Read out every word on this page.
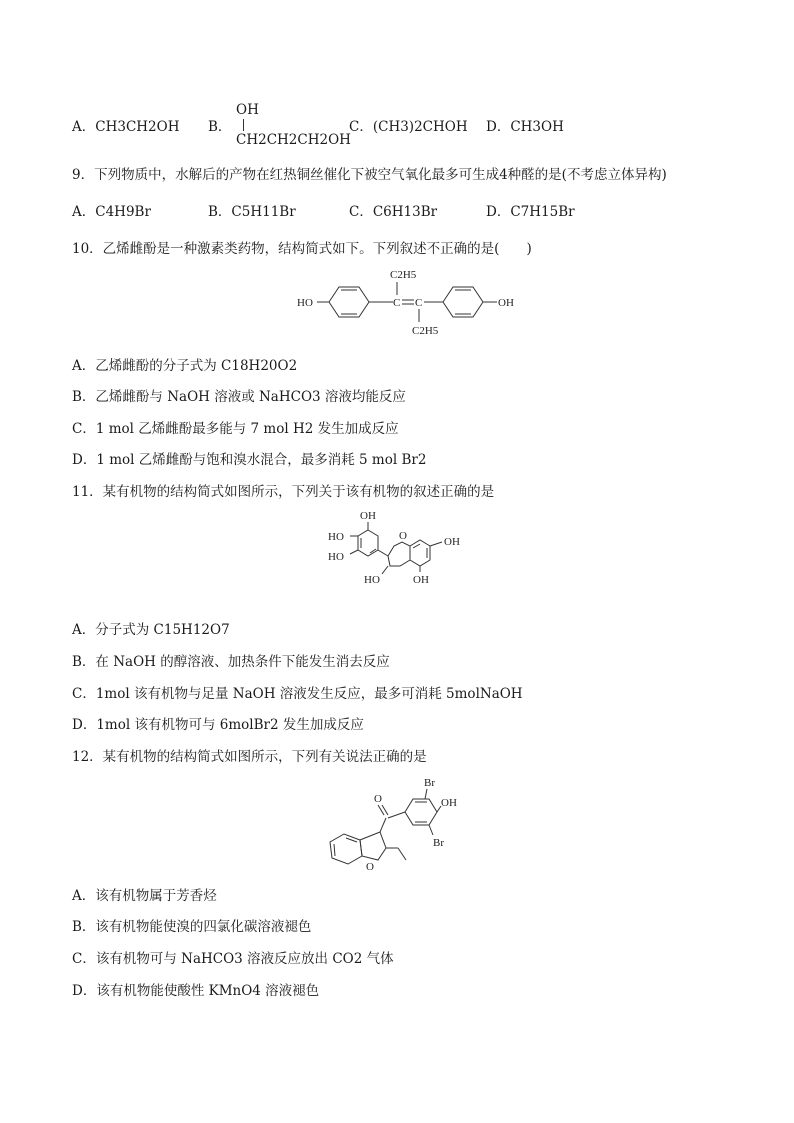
A．CH3CH2OH B．
OH
CH2CH2CH2OH
C．(CH3)2CHOH D．CH3OH
9．下列物质中，水解后的产物在红热铜丝催化下被空气氧化最多可生成4种醛的是(不考虑立体异构)
A．C4H9Br	B．C5H11Br	C．C6H13Br	D．C7H15Br
10．乙烯雌酚是一种激素类药物，结构简式如下。下列叙述不正确的是(　　)
HO	C C
C2H5
C2H5
OH
A．乙烯雌酚的分子式为 C18H20O2
B．乙烯雌酚与 NaOH 溶液或 NaHCO3 溶液均能反应
C．1 mol 乙烯雌酚最多能与 7 mol H2 发生加成反应
D．1 mol 乙烯雌酚与饱和溴水混合，最多消耗 5 mol Br2
11．某有机物的结构简式如图所示，下列关于该有机物的叙述正确的是
OH
HO
HO
O	OH
OH
HO
A．分子式为 C15H12O7
B．在 NaOH 的醇溶液、加热条件下能发生消去反应
C．1mol 该有机物与足量 NaOH 溶液发生反应，最多可消耗 5molNaOH
D．1mol 该有机物可与 6molBr2 发生加成反应
12．某有机物的结构简式如图所示，下列有关说法正确的是
Br
OH
Br
O
O
A．该有机物属于芳香烃
B．该有机物能使溴的四氯化碳溶液褪色
C．该有机物可与 NaHCO3 溶液反应放出 CO2 气体
D．该有机物能使酸性 KMnO4 溶液褪色
